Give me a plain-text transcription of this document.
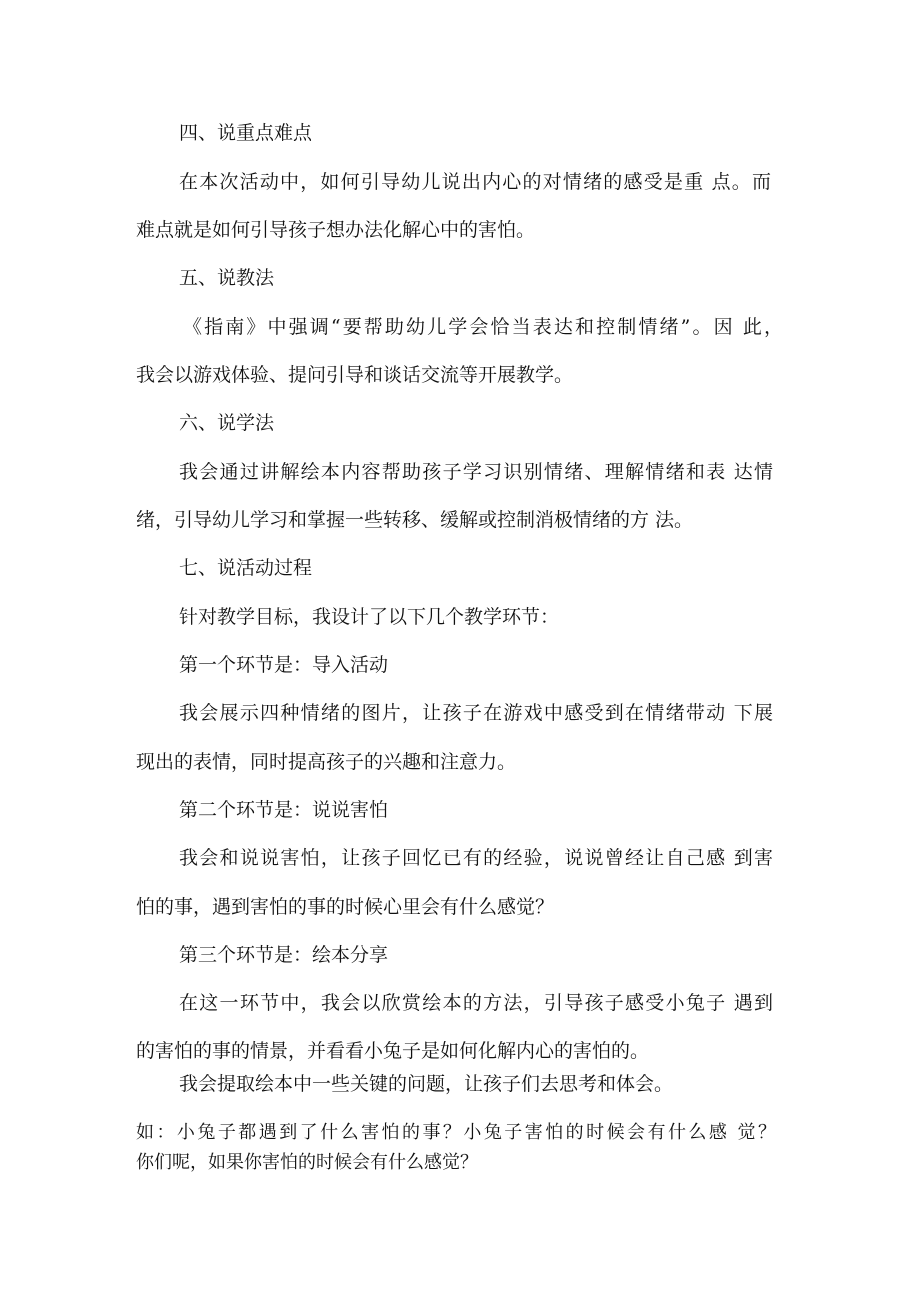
四、说重点难点

在本次活动中，如何引导幼儿说出内心的对情绪的感受是重 点。而

难点就是如何引导孩子想办法化解心中的害怕。

五、说教法

《指南》中强调“要帮助幼儿学会恰当表达和控制情绪”。因 此，

我会以游戏体验、提问引导和谈话交流等开展教学。

六、说学法

我会通过讲解绘本内容帮助孩子学习识别情绪、理解情绪和表 达情

绪，引导幼儿学习和掌握一些转移、缓解或控制消极情绪的方 法。

七、说活动过程

针对教学目标，我设计了以下几个教学环节：

第一个环节是：导入活动

我会展示四种情绪的图片，让孩子在游戏中感受到在情绪带动 下展

现出的表情，同时提高孩子的兴趣和注意力。

第二个环节是：说说害怕

我会和说说害怕，让孩子回忆已有的经验，说说曾经让自己感 到害

怕的事，遇到害怕的事的时候心里会有什么感觉？

第三个环节是：绘本分享

在这一环节中，我会以欣赏绘本的方法，引导孩子感受小兔子 遇到

的害怕的事的情景，并看看小兔子是如何化解内心的害怕的。

我会提取绘本中一些关键的问题，让孩子们去思考和体会。

如：小兔子都遇到了什么害怕的事？小兔子害怕的时候会有什么感 觉？

你们呢，如果你害怕的时候会有什么感觉？
